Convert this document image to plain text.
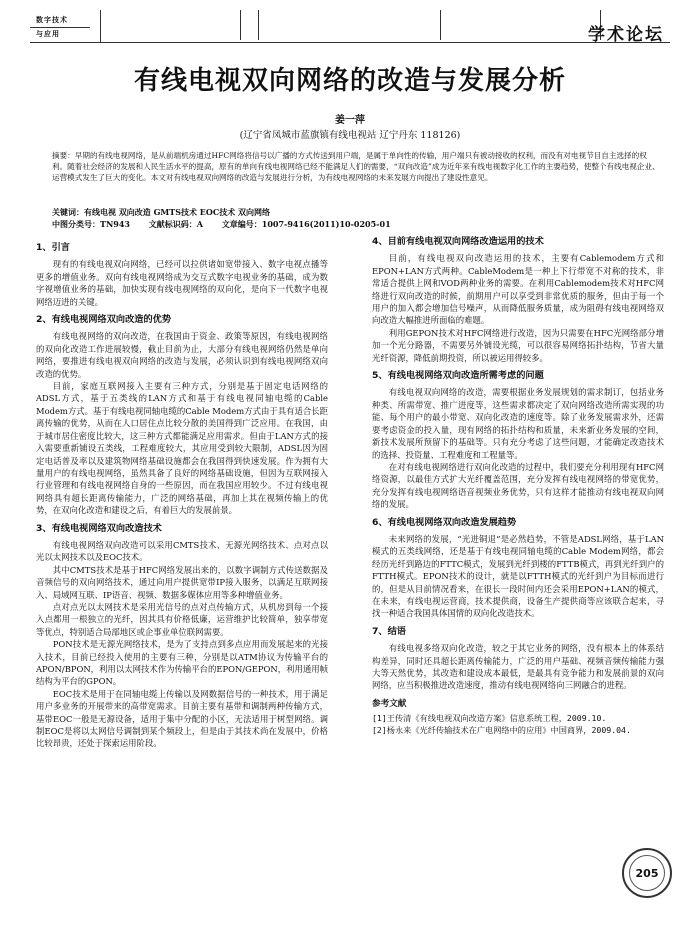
数字技术
与应用	学术论坛
有线电视双向网络的改造与发展分析
姜一萍
(辽宁省凤城市蓝旗镇有线电视站 辽宁丹东 118126)
摘要：早期的有线电视网络，是从前端机房通过HFC网络将信号以广播的方式传送到用户端，是属于单向性的传输，用户端只有被动接收的权利，而没有对电视节目自主选择的权利。随着社会经济的发展和人民生活水平的提高，原有的单向有线电视网络已经不能满足人们的需要，“双向改造”成为近年来有线电视数字化工作的主要趋势，使整个有线电视企业、运营模式发生了巨大的变化。本文对有线电视双向网络的改造与发展进行分析，为有线电视网络的未来发展方向提出了建设性意见。
关键词：有线电视 双向改造 GMTS技术 EOC技术 双向网络
中图分类号：TN943 文献标识码：A 文章编号：1007-9416(2011)10-0205-01
1、引言

现有的有线电视双向网络，已经可以拉供诸如宽带接入、数字电视点播等更多的增值业务。双向有线电视网络成为交互式数字电视业务的基础，成为数字视增值业务的基础，加快实现有线电视网络的双向化，是向下一代数字电视网络迈进的关键。

2、有线电视网络双向改造的优势

有线电视网络的双向改造，在我国由于资金、政策等原因，有线电视网络的双向化改造工作进展较慢，截止目前为止，大部分有线电视网络仍然是单向网络，要推进有线电视双向网络的改造与发展，必须认识到有线电视网络双向改造的优势。

目前，家庭互联网接入主要有三种方式，分别是基于固定电话网络的ADSL方式，基于五类线的LAN方式和基于有线电视同轴电缆的Cable Modem方式。基于有线电视同轴电缆的Cable Modem方式由于具有适合长距离传输的优势，从而在人口居住点比较分散的美国得到广泛应用。在我国，由于城市居住密度比较大，这三种方式都能满足应用需求。但由于LAN方式的接入需要重新铺设五类线，工程难度较大，其应用受到较大限制，ADSL因为固定电话普及率以及建筑物网络基础设施都会在我国得到快速发展。作为拥有大量用户的有线电视网络，虽然具备了良好的网络基础设施，但因为互联网接入行业管理和有线电视网络自身的一些原因，而在我国应用较少。不过有线电视网络具有超长距离传输能力，广泛的网络基础，再加上其在视频传输上的优势，在双向化改造和建设之后，有着巨大的发展前景。

3、有线电视网络双向改造技术

有线电视网络双向改造可以采用CMTS技术、无源光网络技术、点对点以光以太网技术以及EOC技术。

其中CMTS技术是基于HFC网络发展出来的，以数字调制方式传送数据及音频信号的双向网络技术，通过向用户提供宽带IP接入服务，以满足互联网接入、局域网互联、IP语音、视频、数据多媒体应用等多种增值业务。

点对点光以太网技术是采用光信号的点对点传输方式，从机房到每一个接入点都用一根独立的光纤，因其具有价格低廉，运营维护比较简单，独享带宽等优点，特别适合局部地区或企事业单位联网需要。

PON技术是无源光网络技术，是为了支持点到多点应用而发展起来的光接入技术，目前已经投入使用的主要有三种，分别是以ATM协议为传输平台的APON/BPON，利用以太网技术作为传输平台的EPON/GEPON，利用通用帧结构为平台的GPON。

EOC技术是用于在同轴电缆上传输以及网数据信号的一种技术，用于满足用户多业务的开展带来的高带宽需求。目前主要有基带和调制两种传输方式，基带EOC一般是无源设备，适用于集中分配的小区，无法适用于树型网络。调制EOC是将以太网信号调制到某个频段上，但是由于其技术尚在发展中，价格比较昂贵，还处于探索运用阶段。

4、目前有线电视双向网络改造运用的技术

目前，有线电视双向改造运用的技术，主要有Cablemodem方式和EPON+LAN方式两种。CableModem是一种上下行带宽不对称的技术，非常适合提供上网和VOD两种业务的需要。在利用Cablemodem技术对HFC网络进行双向改造的时候，前期用户可以享受到非常优质的服务，但由于每一个用户的加入都会增加信号噪声，从而降低服务质量，成为阻碍有线电视网络双向改造大幅推进所面临的难题。

利用GEPON技术对HFC网络进行改造，因为只需要在HFC光网络部分增加一个光分路器，不需要另外铺设光缆，可以很容易网络拓扑结构，节省大量光纤资源，降低前期投资，所以被运用得较多。

5、有线电视网络双向改造所需考虑的问题

有线电视双向网络的改造，需要根据业务发展规划的需求制订，包括业务种类、所需带宽、推广进度等，这些需求都决定了双向网络改造所需实现的功能、每个用户的最小带宽、双向化改造的速度等。除了业务发展需求外，还需要考虑资金的投入量，现有网络的拓扑结构和质量，未来新业务发展的空间，新技术发展所预留下的基础等。只有充分考虑了这些问题，才能确定改造技术的选择、投资量、工程难度和工程量等。

在对有线电视网络进行双向化改造的过程中，我们要充分利用现有HFC网络资源，以最佳方式扩大光纤覆盖范围，充分发挥有线电视网络的带宽优势，充分发挥有线电视网络语音视频业务优势，只有这样才能推动有线电视双向网络的发展。

6、有线电视网络双向改造发展趋势

未来网络的发展，“光进铜退”是必然趋势，不管是ADSL网络，基于LAN模式的五类线网络，还是基于有线电视同轴电缆的Cable Modem网络，都会经历光纤到路边的FTTC模式，发展到光纤到楼的FTTB模式，再到光纤到户的FTTH模式。EPON技术的设计，就是以FTTH模式的光纤到户为目标而进行的，但是从目前情况看来，在很长一段时间内还会采用EPON+LAN的模式，在未来，有线电视运营商，技术提供商，设备生产提供商等应该联合起来，寻找一种适合我国具体国情的双向化改造技术。

7、结语

有线电视多络双向化改造，较之于其它业务的网络，没有根本上的体系结构差异，同时还具超长距离传输能力，广泛的用户基础、视频音频传输能力强大等天然优势，其改造和建设成本最低，是最具有竞争能力和发展前景的双向网络，应当积极推进改造速度，推动有线电视网络向三网融合的进程。

参考文献
[1]王传清《有线电视双向改造方案》信息系统工程，2009.10.
[2]杨永来《光纤传输技术在广电网络中的应用》中国商界，2009.04.
205
